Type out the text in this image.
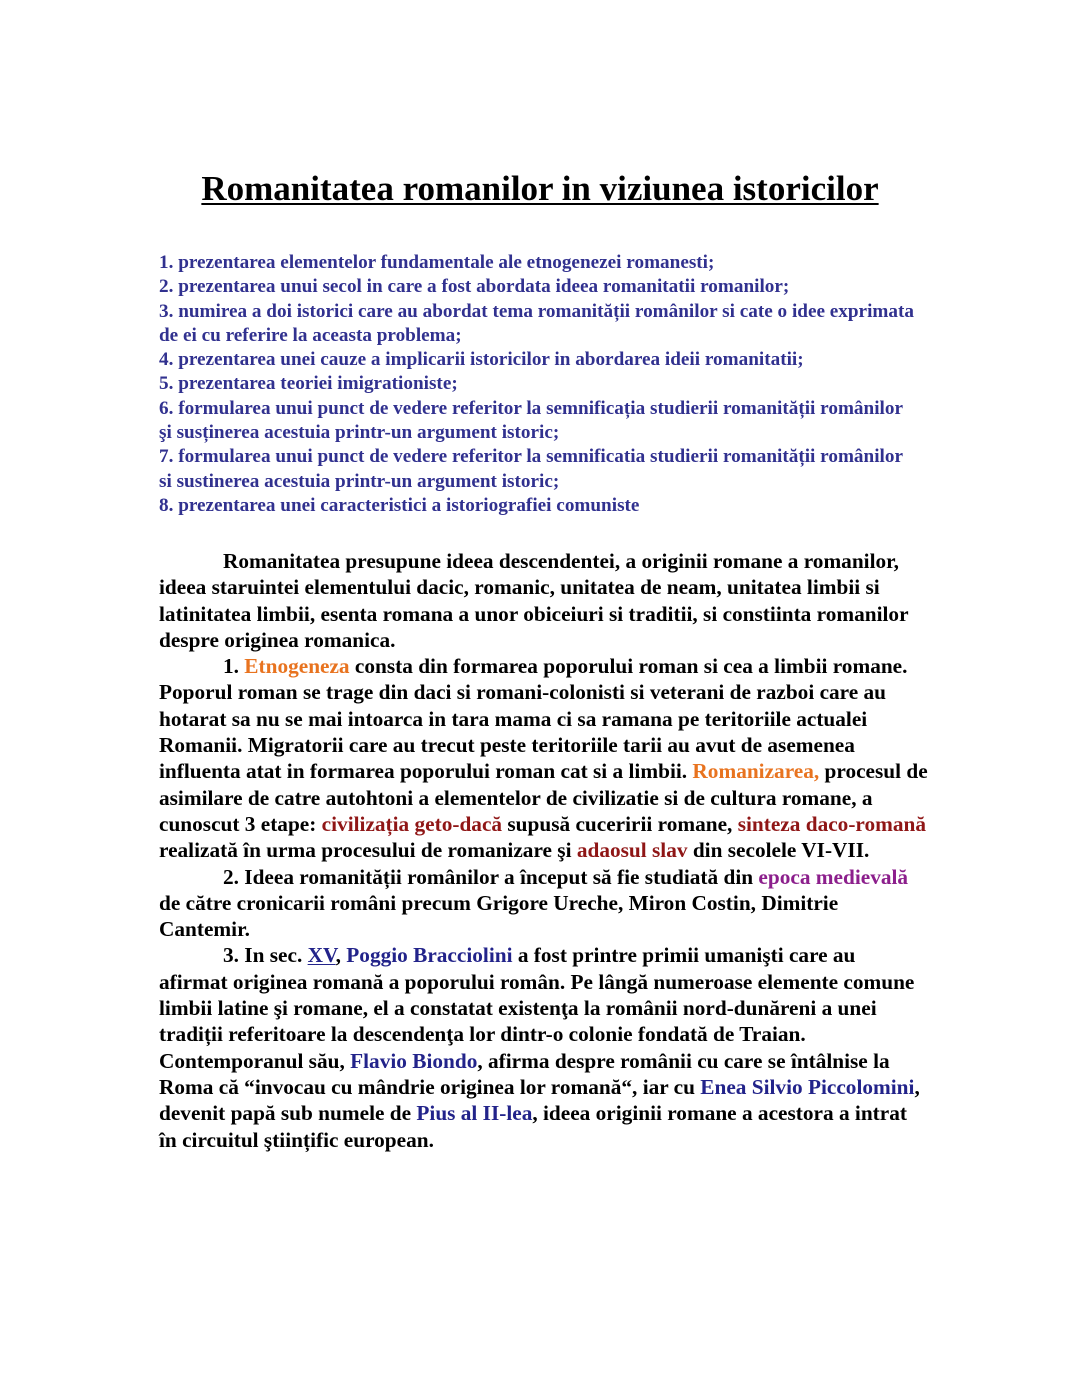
Romanitatea romanilor in viziunea istoricilor

1. prezentarea elementelor fundamentale ale etnogenezei romanesti;

2. prezentarea unui secol in care a fost abordata ideea romanitatii romanilor;

3. numirea a doi istorici care au abordat tema romanității românilor si cate o idee exprimata de ei cu referire la aceasta problema;

4. prezentarea unei cauze a implicarii istoricilor in abordarea ideii romanitatii;

5. prezentarea teoriei imigrationiste;

6. formularea unui punct de vedere referitor la semnificația studierii romanității românilor şi susținerea acestuia printr-un argument istoric;

7. formularea unui punct de vedere referitor la semnificatia studierii romanității românilor si sustinerea acestuia printr-un argument istoric;

8. prezentarea unei caracteristici a istoriografiei comuniste

Romanitatea presupune ideea descendentei, a originii romane a romanilor, ideea staruintei elementului dacic, romanic, unitatea de neam, unitatea limbii si latinitatea limbii, esenta romana a unor obiceiuri si traditii, si constiinta romanilor despre originea romanica.

1. Etnogeneza consta din formarea poporului roman si cea a limbii romane. Poporul roman se trage din daci si romani-colonisti si veterani de razboi care au hotarat sa nu se mai intoarca in tara mama ci sa ramana pe teritoriile actualei Romanii. Migratorii care au trecut peste teritoriile tarii au avut de asemenea influenta atat in formarea poporului roman cat si a limbii. Romanizarea, procesul de asimilare de catre autohtoni a elementelor de civilizatie si de cultura romane, a cunoscut 3 etape: civilizația geto-dacă supusă cuceririi romane, sinteza daco-romană realizată în urma procesului de romanizare şi adaosul slav din secolele VI-VII.

2. Ideea romanității românilor a început să fie studiată din epoca medievală de către cronicarii români precum Grigore Ureche, Miron Costin, Dimitrie Cantemir.

3. In sec. XV, Poggio Bracciolini a fost printre primii umanişti care au afirmat originea romană a poporului român. Pe lângă numeroase elemente comune limbii latine şi romane, el a constatat existenţa la românii nord-dunăreni a unei tradiții referitoare la descendenţa lor dintr-o colonie fondată de Traian. Contemporanul său, Flavio Biondo, afirma despre românii cu care se întâlnise la Roma că “invocau cu mândrie originea lor romană“, iar cu Enea Silvio Piccolomini, devenit papă sub numele de Pius al II-lea, ideea originii romane a acestora a intrat în circuitul ştiințific european.
